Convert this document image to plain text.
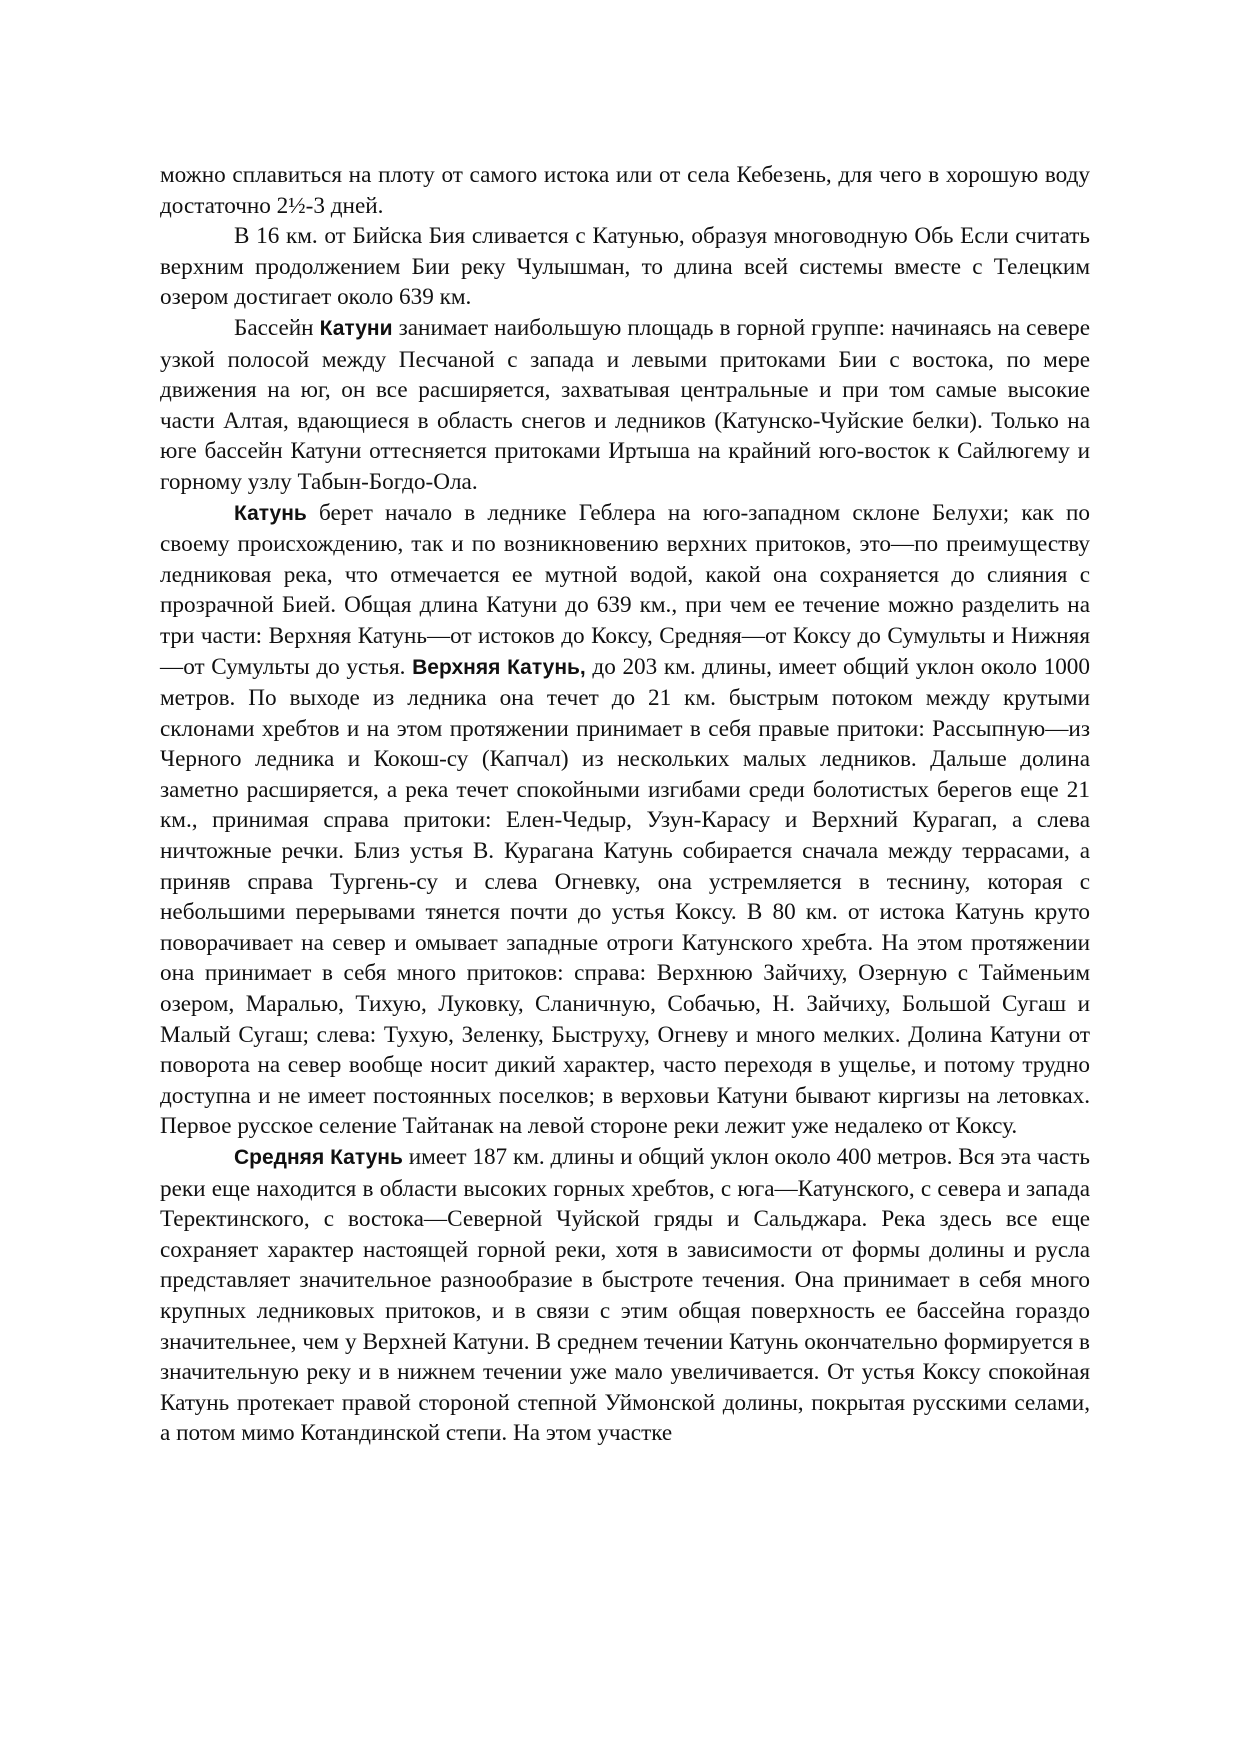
можно сплавиться на плоту от самого истока или от села Кебезень, для чего в хорошую воду достаточно 2½-3 дней.

В 16 км. от Бийска Бия сливается с Катунью, образуя многоводную Обь Если считать верхним продолжением Бии реку Чулышман, то длина всей системы вместе с Телецким озером достигает около 639 км.

Бассейн Катуни занимает наибольшую площадь в горной группе: начинаясь на севере узкой полосой между Песчаной с запада и левыми притоками Бии с востока, по мере движения на юг, он все расширяется, захватывая центральные и при том самые высокие части Алтая, вдающиеся в область снегов и ледников (Катунско-Чуйские белки). Только на юге бассейн Катуни оттесняется притоками Иртыша на крайний юго-восток к Сайлюгему и горному узлу Табын-Богдо-Ола.

Катунь берет начало в леднике Геблера на юго-западном склоне Белухи; как по своему происхождению, так и по возникновению верхних притоков, это—по преимуществу ледниковая река, что отмечается ее мутной водой, какой она сохраняется до слияния с прозрачной Бией. Общая длина Катуни до 639 км., при чем ее течение можно разделить на три части: Верхняя Катунь—от истоков до Коксу, Средняя—от Коксу до Сумульты и Нижняя—от Сумульты до устья. Верхняя Катунь, до 203 км. длины, имеет общий уклон около 1000 метров. По выходе из ледника она течет до 21 км. быстрым потоком между крутыми склонами хребтов и на этом протяжении принимает в себя правые притоки: Рассыпную—из Черного ледника и Кокош-су (Капчал) из нескольких малых ледников. Дальше долина заметно расширяется, а река течет спокойными изгибами среди болотистых берегов еще 21 км., принимая справа притоки: Елен-Чедыр, Узун-Карасу и Верхний Курагап, а слева ничтожные речки. Близ устья В. Курагана Катунь собирается сначала между террасами, а приняв справа Тургень-су и слева Огневку, она устремляется в теснину, которая с небольшими перерывами тянется почти до устья Коксу. В 80 км. от истока Катунь круто поворачивает на север и омывает западные отроги Катунского хребта. На этом протяжении она принимает в себя много притоков: справа: Верхнюю Зайчиху, Озерную с Тайменьим озером, Маралью, Тихую, Луковку, Сланичную, Собачью, Н. Зайчиху, Большой Сугаш и Малый Сугаш; слева: Тухую, Зеленку, Быструху, Огневу и много мелких. Долина Катуни от поворота на север вообще носит дикий характер, часто переходя в ущелье, и потому трудно доступна и не имеет постоянных поселков; в верховьи Катуни бывают киргизы на летовках. Первое русское селение Тайтанак на левой стороне реки лежит уже недалеко от Коксу.

Средняя Катунь имеет 187 км. длины и общий уклон около 400 метров. Вся эта часть реки еще находится в области высоких горных хребтов, с юга—Катунского, с севера и запада Теректинского, с востока—Северной Чуйской гряды и Сальджара. Река здесь все еще сохраняет характер настоящей горной реки, хотя в зависимости от формы долины и русла представляет значительное разнообразие в быстроте течения. Она принимает в себя много крупных ледниковых притоков, и в связи с этим общая поверхность ее бассейна гораздо значительнее, чем у Верхней Катуни. В среднем течении Катунь окончательно формируется в значительную реку и в нижнем течении уже мало увеличивается. От устья Коксу спокойная Катунь протекает правой стороной степной Уймонской долины, покрытая русскими селами, а потом мимо Котандинской степи. На этом участке
